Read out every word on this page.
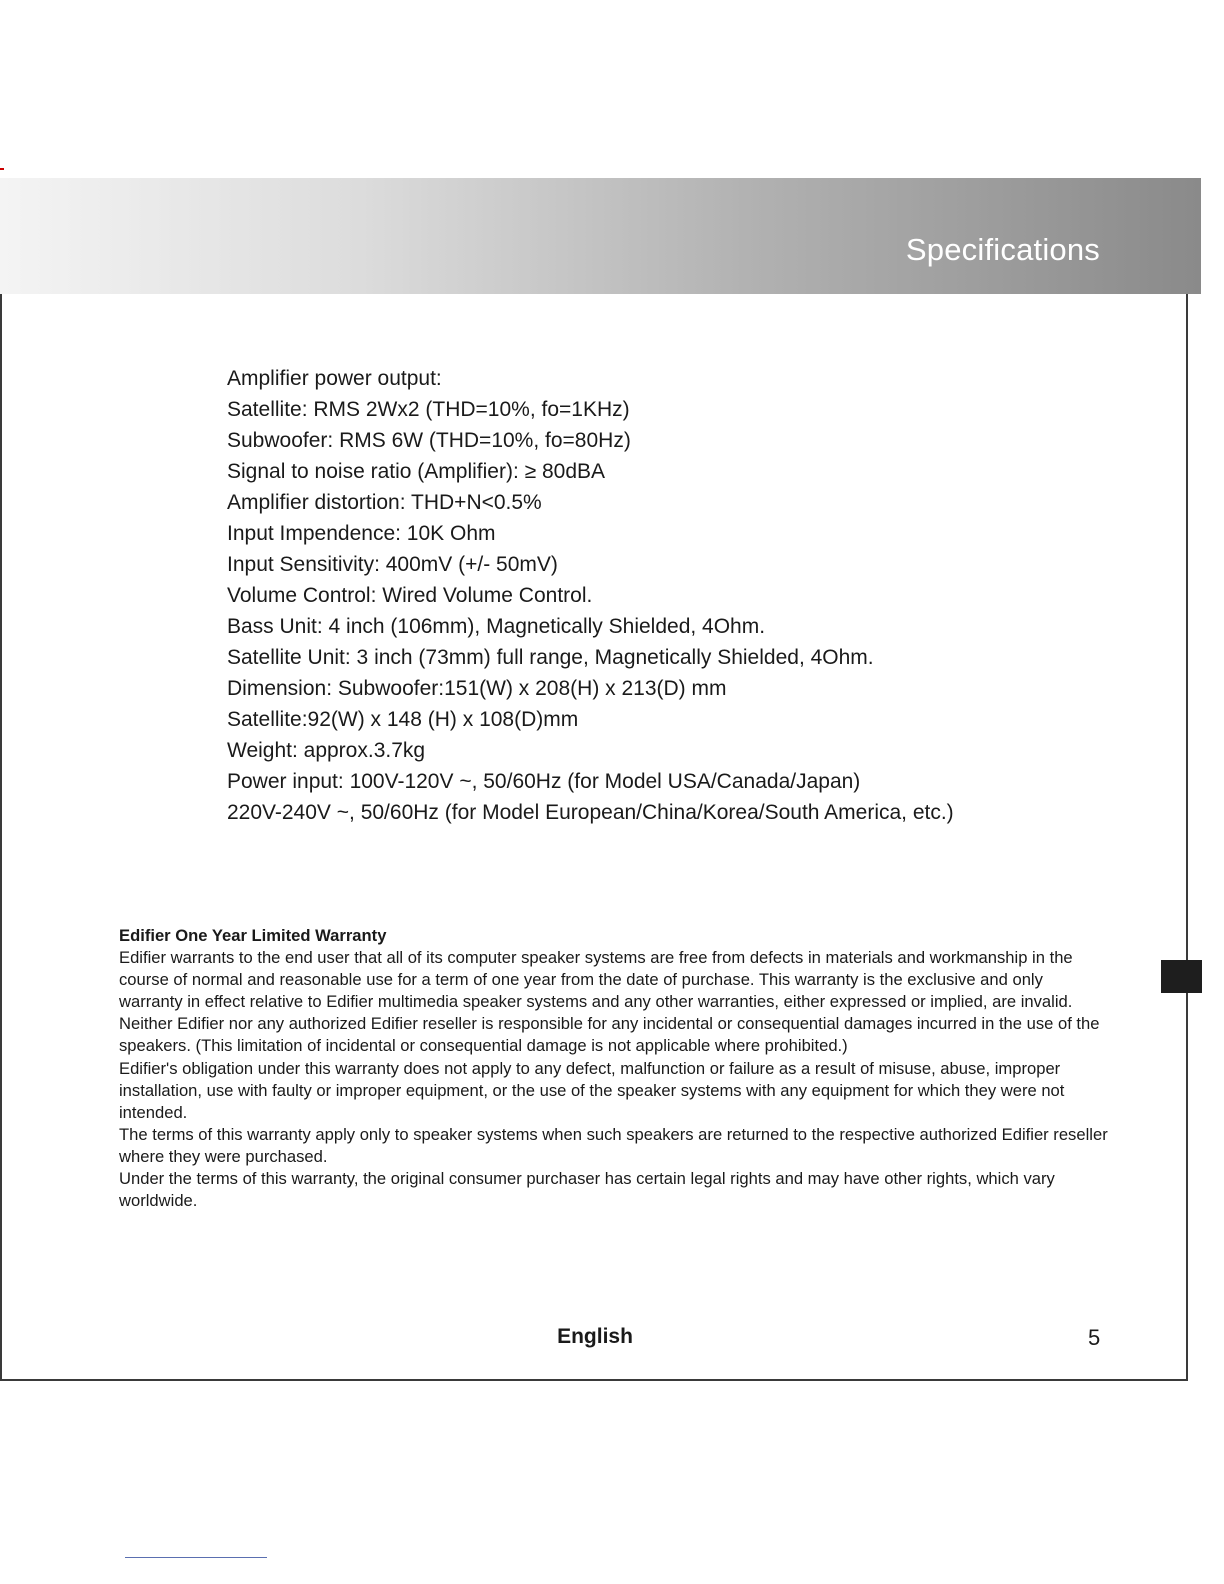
Specifications
Amplifier power output:
Satellite: RMS 2Wx2 (THD=10%, fo=1KHz)
Subwoofer: RMS 6W (THD=10%, fo=80Hz)
Signal to noise ratio (Amplifier): ≥ 80dBA
Amplifier distortion: THD+N<0.5%
Input Impendence: 10K Ohm
Input Sensitivity: 400mV (+/- 50mV)
Volume Control: Wired Volume Control.
Bass Unit: 4 inch (106mm), Magnetically Shielded, 4Ohm.
Satellite Unit: 3 inch (73mm) full range, Magnetically Shielded, 4Ohm.
Dimension: Subwoofer:151(W) x 208(H) x 213(D) mm
Satellite:92(W) x 148 (H) x 108(D)mm
Weight: approx.3.7kg
Power input: 100V-120V ~, 50/60Hz (for Model USA/Canada/Japan)
220V-240V ~, 50/60Hz (for Model European/China/Korea/South America, etc.)

Edifier One Year Limited Warranty

Edifier warrants to the end user that all of its computer speaker systems are free from defects in materials and workmanship in the course of normal and reasonable use for a term of one year from the date of purchase. This warranty is the exclusive and only warranty in effect relative to Edifier multimedia speaker systems and any other warranties, either expressed or implied, are invalid. Neither Edifier nor any authorized Edifier reseller is responsible for any incidental or consequential damages incurred in the use of the speakers. (This limitation of incidental or consequential damage is not applicable where prohibited.)

Edifier's obligation under this warranty does not apply to any defect, malfunction or failure as a result of misuse, abuse, improper installation, use with faulty or improper equipment, or the use of the speaker systems with any equipment for which they were not intended.

The terms of this warranty apply only to speaker systems when such speakers are returned to the respective authorized Edifier reseller where they were purchased.

Under the terms of this warranty, the original consumer purchaser has certain legal rights and may have other rights, which vary worldwide.

English	5
